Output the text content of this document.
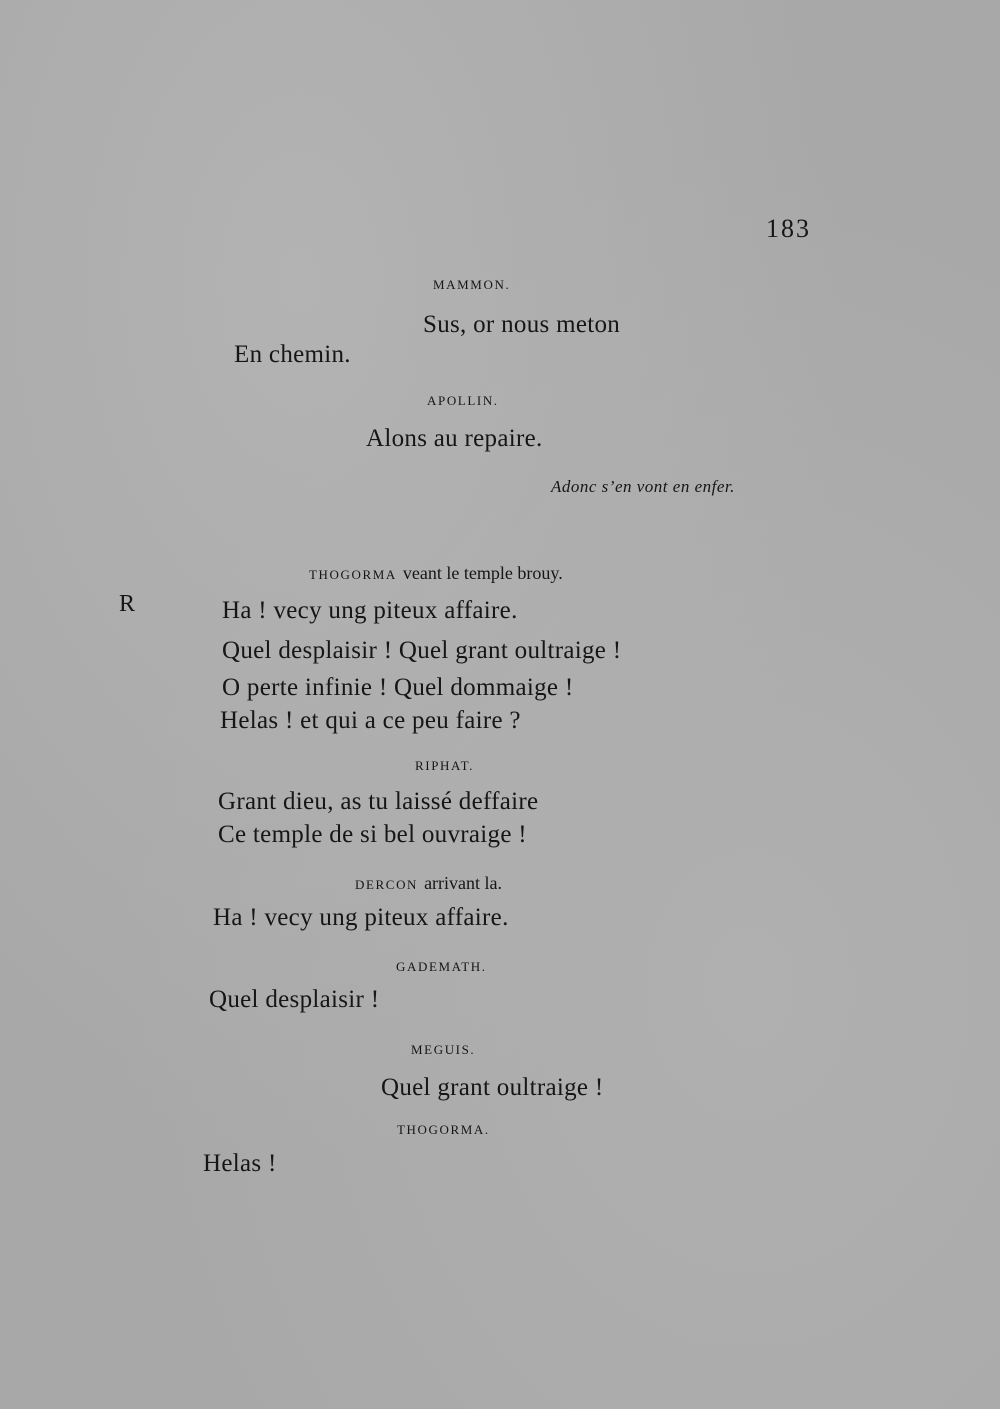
183
MAMMON.
Sus, or nous meton
En chemin.
APOLLIN.
Alons au repaire.
Adonc s’en vont en enfer.
THOGORMA veant le temple brouy.
R	Ha ! vecy ung piteux affaire.
Quel desplaisir ! Quel grant oultraige !
O perte infinie ! Quel dommaige !
Helas ! et qui a ce peu faire ?
RIPHAT.
Grant dieu, as tu laissé deffaire
Ce temple de si bel ouvraige !
DERCON arrivant la.
Ha ! vecy ung piteux affaire.
GADEMATH.
Quel desplaisir !
MEGUIS.
Quel grant oultraige !
THOGORMA.
Helas !
